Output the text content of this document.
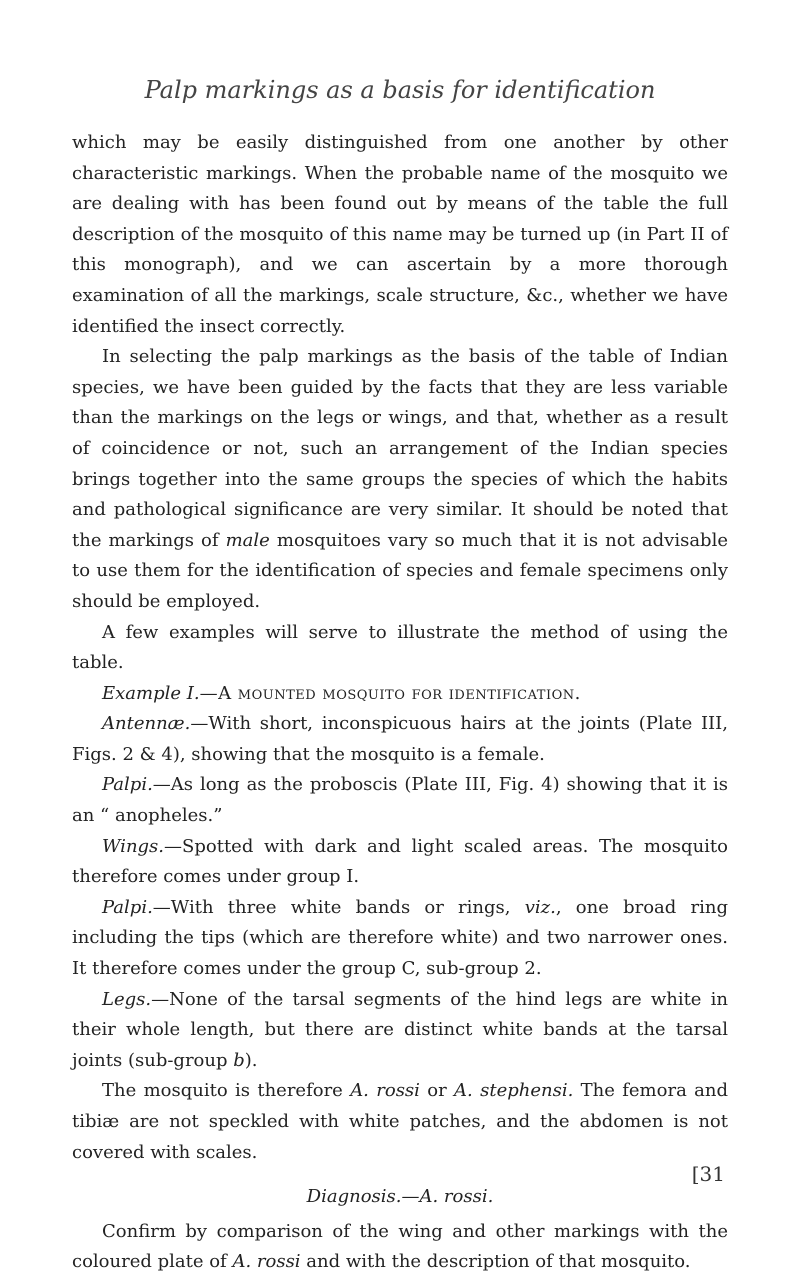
Palp markings as a basis for identification

which may be easily distinguished from one another by other characteristic markings. When the probable name of the mosquito we are dealing with has been found out by means of the table the full description of the mosquito of this name may be turned up (in Part II of this monograph), and we can ascertain by a more thorough examination of all the markings, scale structure, &c., whether we have identified the insect correctly.

In selecting the palp markings as the basis of the table of Indian species, we have been guided by the facts that they are less variable than the markings on the legs or wings, and that, whether as a result of coincidence or not, such an arrangement of the Indian species brings together into the same groups the species of which the habits and pathological significance are very similar. It should be noted that the markings of male mosquitoes vary so much that it is not advisable to use them for the identification of species and female specimens only should be employed.

A few examples will serve to illustrate the method of using the table.

Example I.—A mounted mosquito for identification.

Antennæ.—With short, inconspicuous hairs at the joints (Plate III, Figs. 2 & 4), showing that the mosquito is a female.

Palpi.—As long as the proboscis (Plate III, Fig. 4) showing that it is an “ anopheles.”

Wings.—Spotted with dark and light scaled areas. The mosquito therefore comes under group I.

Palpi.—With three white bands or rings, viz., one broad ring including the tips (which are therefore white) and two narrower ones. It therefore comes under the group C, sub-group 2.

Legs.—None of the tarsal segments of the hind legs are white in their whole length, but there are distinct white bands at the tarsal joints (sub-group b).

The mosquito is therefore A. rossi or A. stephensi. The femora and tibiæ are not speckled with white patches, and the abdomen is not covered with scales.

Diagnosis.—A. rossi.

Confirm by comparison of the wing and other markings with the coloured plate of A. rossi and with the description of that mosquito.

[31
